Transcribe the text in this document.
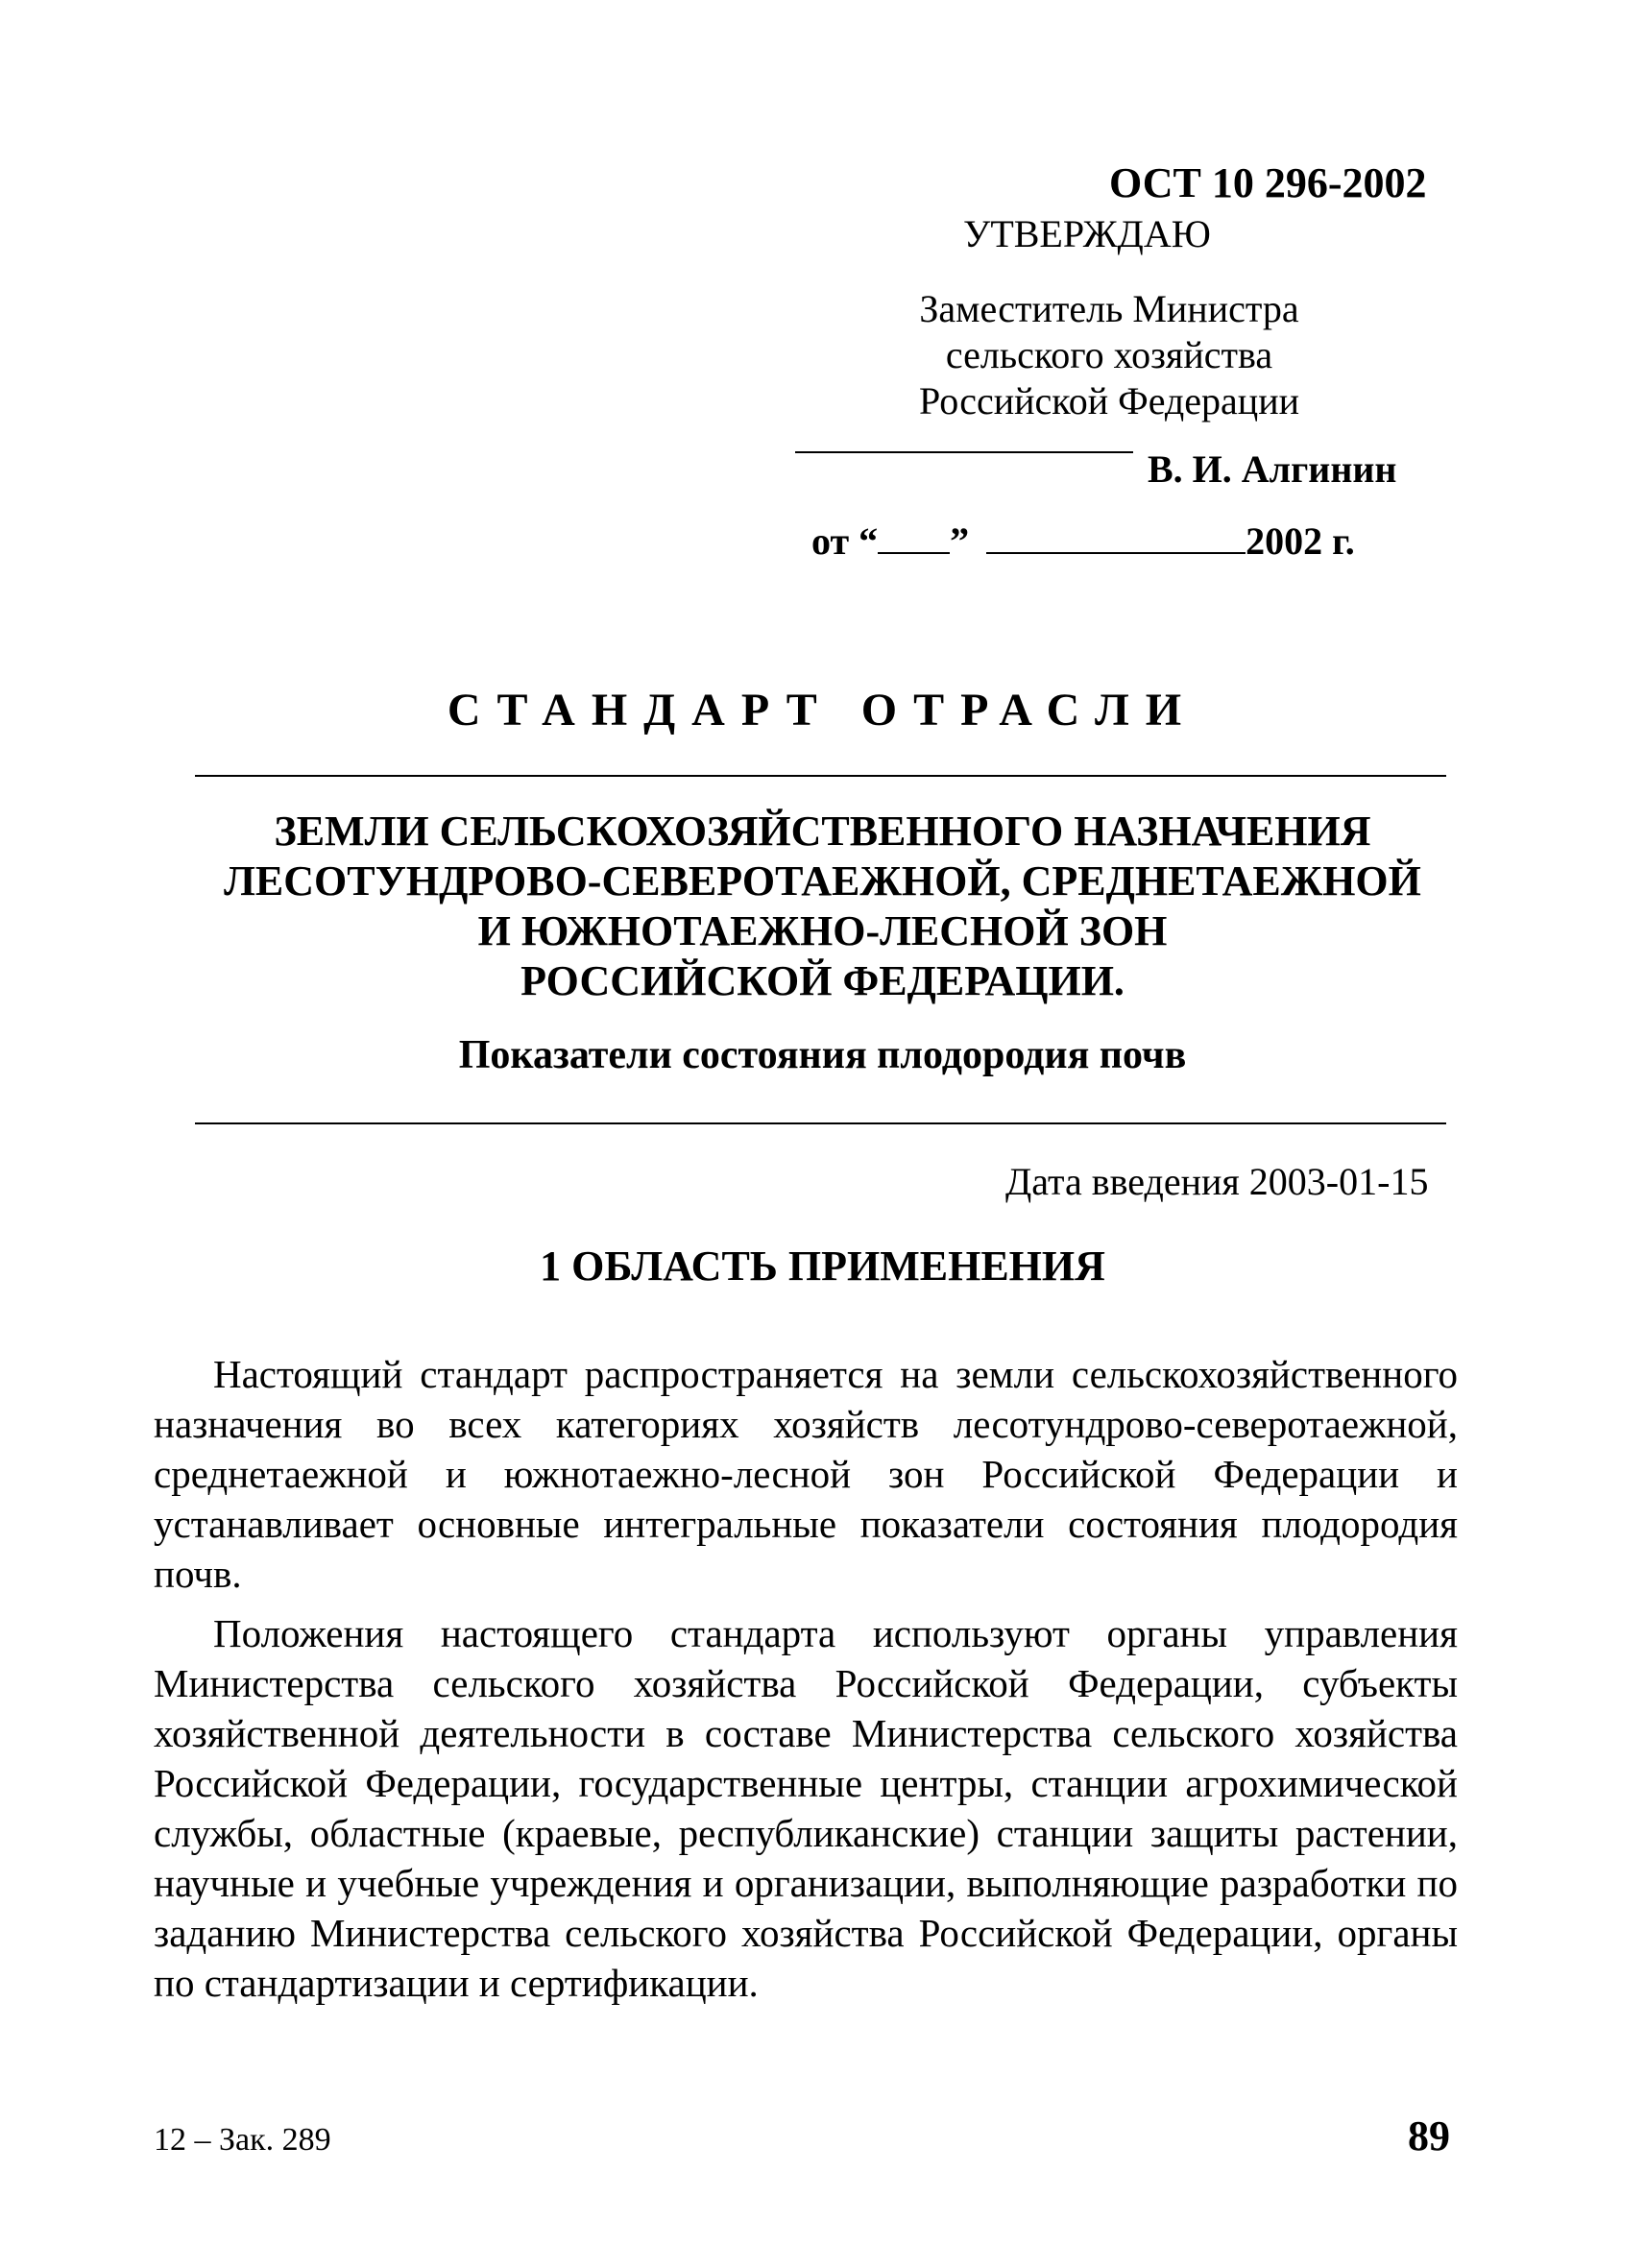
ОСТ 10 296-2002
УТВЕРЖДАЮ
Заместитель Министра
сельского хозяйства
Российской Федерации
В. И. Алгинин
от “ ”	2002 г.
СТАНДАРТ ОТРАСЛИ
ЗЕМЛИ СЕЛЬСКОХОЗЯЙСТВЕННОГО НАЗНАЧЕНИЯ
ЛЕСОТУНДРОВО-СЕВЕРОТАЕЖНОЙ, СРЕДНЕТАЕЖНОЙ
И ЮЖНОТАЕЖНО-ЛЕСНОЙ ЗОН
РОССИЙСКОЙ ФЕДЕРАЦИИ.
Показатели состояния плодородия почв
Дата введения 2003-01-15
1 ОБЛАСТЬ ПРИМЕНЕНИЯ
Настоящий стандарт распространяется на земли сельскохозяйственного назначения во всех категориях хозяйств лесотундрово-северотаежной, среднетаежной и южнотаежно-лесной зон Российской Федерации и устанавливает основные интегральные показатели состояния плодородия почв.
Положения настоящего стандарта используют органы управления Министерства сельского хозяйства Российской Федерации, субъекты хозяйственной деятельности в составе Министерства сельского хозяйства Российской Федерации, государственные центры, станции агрохимической службы, областные (краевые, республиканские) станции защиты растении, научные и учебные учреждения и организации, выполняющие разработки по заданию Министерства сельского хозяйства Российской Федерации, органы по стандартизации и сертификации.
12 – Зак. 289	89
